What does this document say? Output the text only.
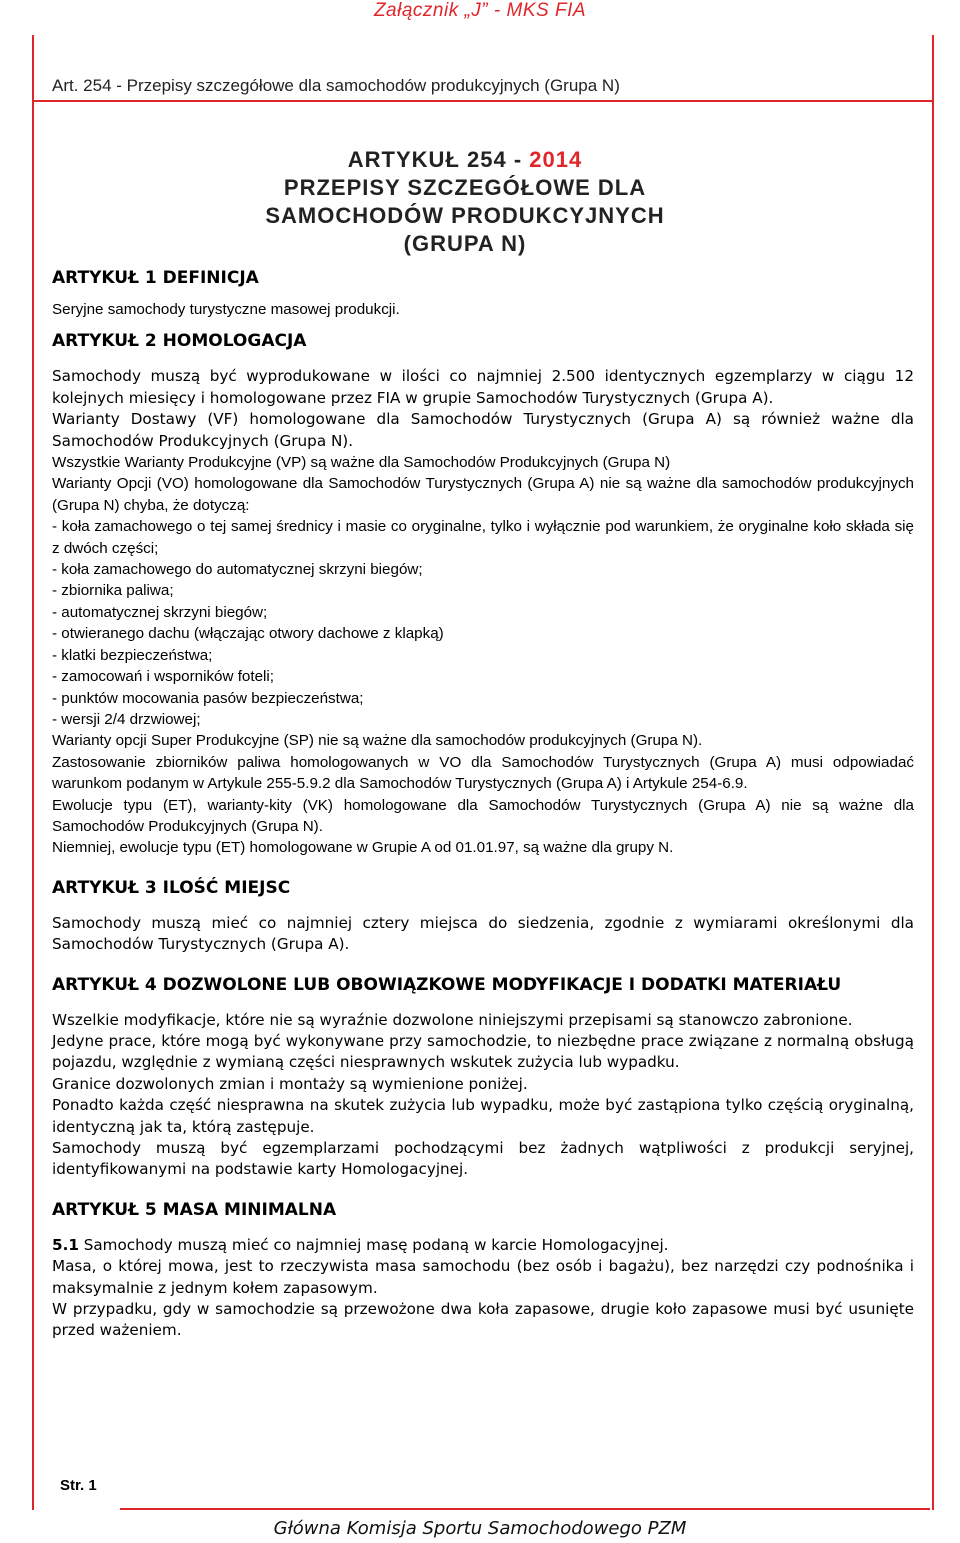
Załącznik „J” - MKS FIA
Art. 254 - Przepisy szczegółowe dla samochodów produkcyjnych (Grupa N)
ARTYKUŁ 254 - 2014
PRZEPISY SZCZEGÓŁOWE DLA
SAMOCHODÓW PRODUKCYJNYCH
(GRUPA N)
ARTYKUŁ 1 DEFINICJA

Seryjne samochody turystyczne masowej produkcji.

ARTYKUŁ 2 HOMOLOGACJA

Samochody muszą być wyprodukowane w ilości co najmniej 2.500 identycznych egzemplarzy w ciągu 12 kolejnych miesięcy i homologowane przez FIA w grupie Samochodów Turystycznych (Grupa A).

Warianty Dostawy (VF) homologowane dla Samochodów Turystycznych (Grupa A) są również ważne dla Samochodów Produkcyjnych (Grupa N).

Wszystkie Warianty Produkcyjne (VP) są ważne dla Samochodów Produkcyjnych (Grupa N)

Warianty Opcji (VO) homologowane dla Samochodów Turystycznych (Grupa A) nie są ważne dla samochodów produkcyjnych (Grupa N) chyba, że dotyczą:

- koła zamachowego o tej samej średnicy i masie co oryginalne, tylko i wyłącznie pod warunkiem, że oryginalne koło składa się z dwóch części;

- koła zamachowego do automatycznej skrzyni biegów;

- zbiornika paliwa;

- automatycznej skrzyni biegów;

- otwieranego dachu (włączając otwory dachowe z klapką)

- klatki bezpieczeństwa;

- zamocowań i wsporników foteli;

- punktów mocowania pasów bezpieczeństwa;

- wersji 2/4 drzwiowej;

Warianty opcji Super Produkcyjne (SP) nie są ważne dla samochodów produkcyjnych (Grupa N).

Zastosowanie zbiorników paliwa homologowanych w VO dla Samochodów Turystycznych (Grupa A) musi odpowiadać warunkom podanym w Artykule 255-5.9.2 dla Samochodów Turystycznych (Grupa A) i Artykule 254-6.9.

Ewolucje typu (ET), warianty-kity (VK) homologowane dla Samochodów Turystycznych (Grupa A) nie są ważne dla Samochodów Produkcyjnych (Grupa N).

Niemniej, ewolucje typu (ET) homologowane w Grupie A od 01.01.97, są ważne dla grupy N.

ARTYKUŁ 3 ILOŚĆ MIEJSC

Samochody muszą mieć co najmniej cztery miejsca do siedzenia, zgodnie z wymiarami określonymi dla Samochodów Turystycznych (Grupa A).

ARTYKUŁ 4 DOZWOLONE LUB OBOWIĄZKOWE MODYFIKACJE I DODATKI MATERIAŁU

Wszelkie modyfikacje, które nie są wyraźnie dozwolone niniejszymi przepisami są stanowczo zabronione.

Jedyne prace, które mogą być wykonywane przy samochodzie, to niezbędne prace związane z normalną obsługą pojazdu, względnie z wymianą części niesprawnych wskutek zużycia lub wypadku.

Granice dozwolonych zmian i montaży są wymienione poniżej.

Ponadto każda część niesprawna na skutek zużycia lub wypadku, może być zastąpiona tylko częścią oryginalną, identyczną jak ta, którą zastępuje.

Samochody muszą być egzemplarzami pochodzącymi bez żadnych wątpliwości z produkcji seryjnej, identyfikowanymi na podstawie karty Homologacyjnej.

ARTYKUŁ 5 MASA MINIMALNA

5.1 Samochody muszą mieć co najmniej masę podaną w karcie Homologacyjnej.

Masa, o której mowa, jest to rzeczywista masa samochodu (bez osób i bagażu), bez narzędzi czy podnośnika i maksymalnie z jednym kołem zapasowym.

W przypadku, gdy w samochodzie są przewożone dwa koła zapasowe, drugie koło zapasowe musi być usunięte przed ważeniem.

Str. 1
Główna Komisja Sportu Samochodowego PZM
